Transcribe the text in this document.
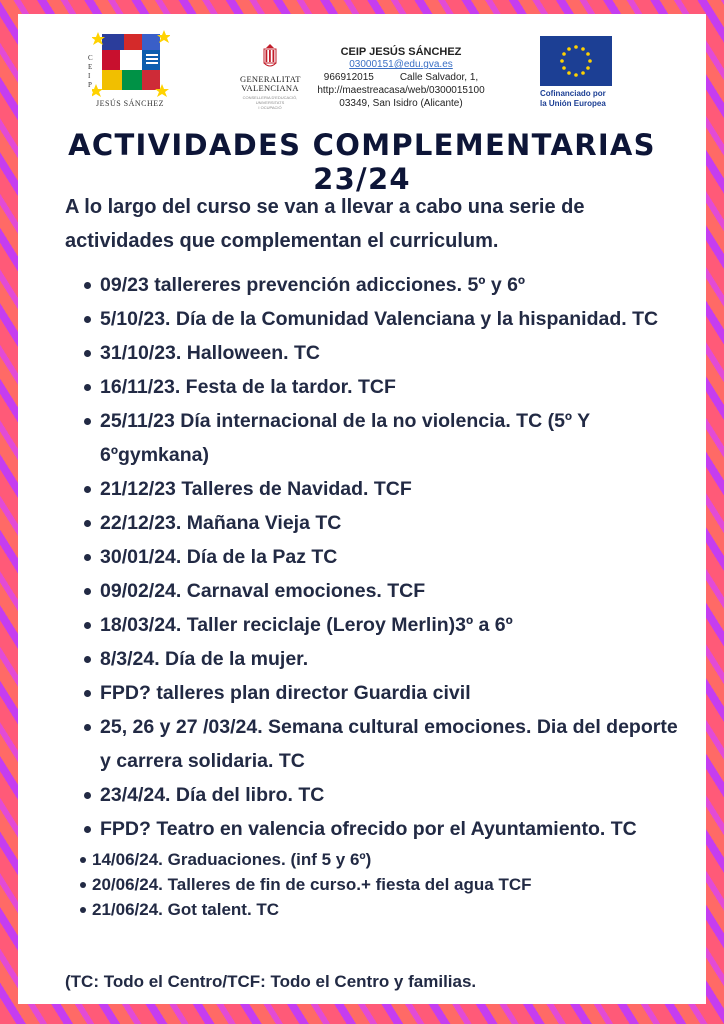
C
E
I
P
JESÚS SÁNCHEZ
GENERALITAT
VALENCIANA
CONSELLERIA D'EDUCACIÓ, UNIVERSITATS
I OCUPACIÓ
CEIP JESÚS SÁNCHEZ
03000151@edu.gva.es
966912015	Calle Salvador, 1,
http://maestreacasa/web/0300015100
03349, San Isidro (Alicante)
Cofinanciado por
la Unión Europea
ACTIVIDADES COMPLEMENTARIAS 23/24
A lo largo del curso se van a llevar a cabo una serie de actividades que complementan el curriculum.
09/23 tallereres prevención adicciones. 5º y 6º
5/10/23. Día de la Comunidad Valenciana y la hispanidad. TC
31/10/23. Halloween. TC
16/11/23. Festa de la tardor. TCF
25/11/23 Día internacional de la no violencia. TC (5º Y 6ºgymkana)
21/12/23 Talleres de Navidad. TCF
22/12/23. Mañana Vieja TC
30/01/24. Día de la Paz TC
09/02/24. Carnaval emociones. TCF
18/03/24. Taller reciclaje (Leroy Merlin)3º a 6º
8/3/24. Día de la mujer.
FPD? talleres plan director Guardia civil
25, 26 y 27 /03/24. Semana cultural emociones. Dia del deporte y carrera solidaria. TC
23/4/24. Día del libro. TC
FPD? Teatro en valencia ofrecido por el Ayuntamiento. TC
14/06/24. Graduaciones. (inf 5 y 6º)
20/06/24. Talleres de fin de curso.+ fiesta del agua TCF
21/06/24. Got talent. TC
(TC: Todo el Centro/TCF: Todo el Centro y familias.
